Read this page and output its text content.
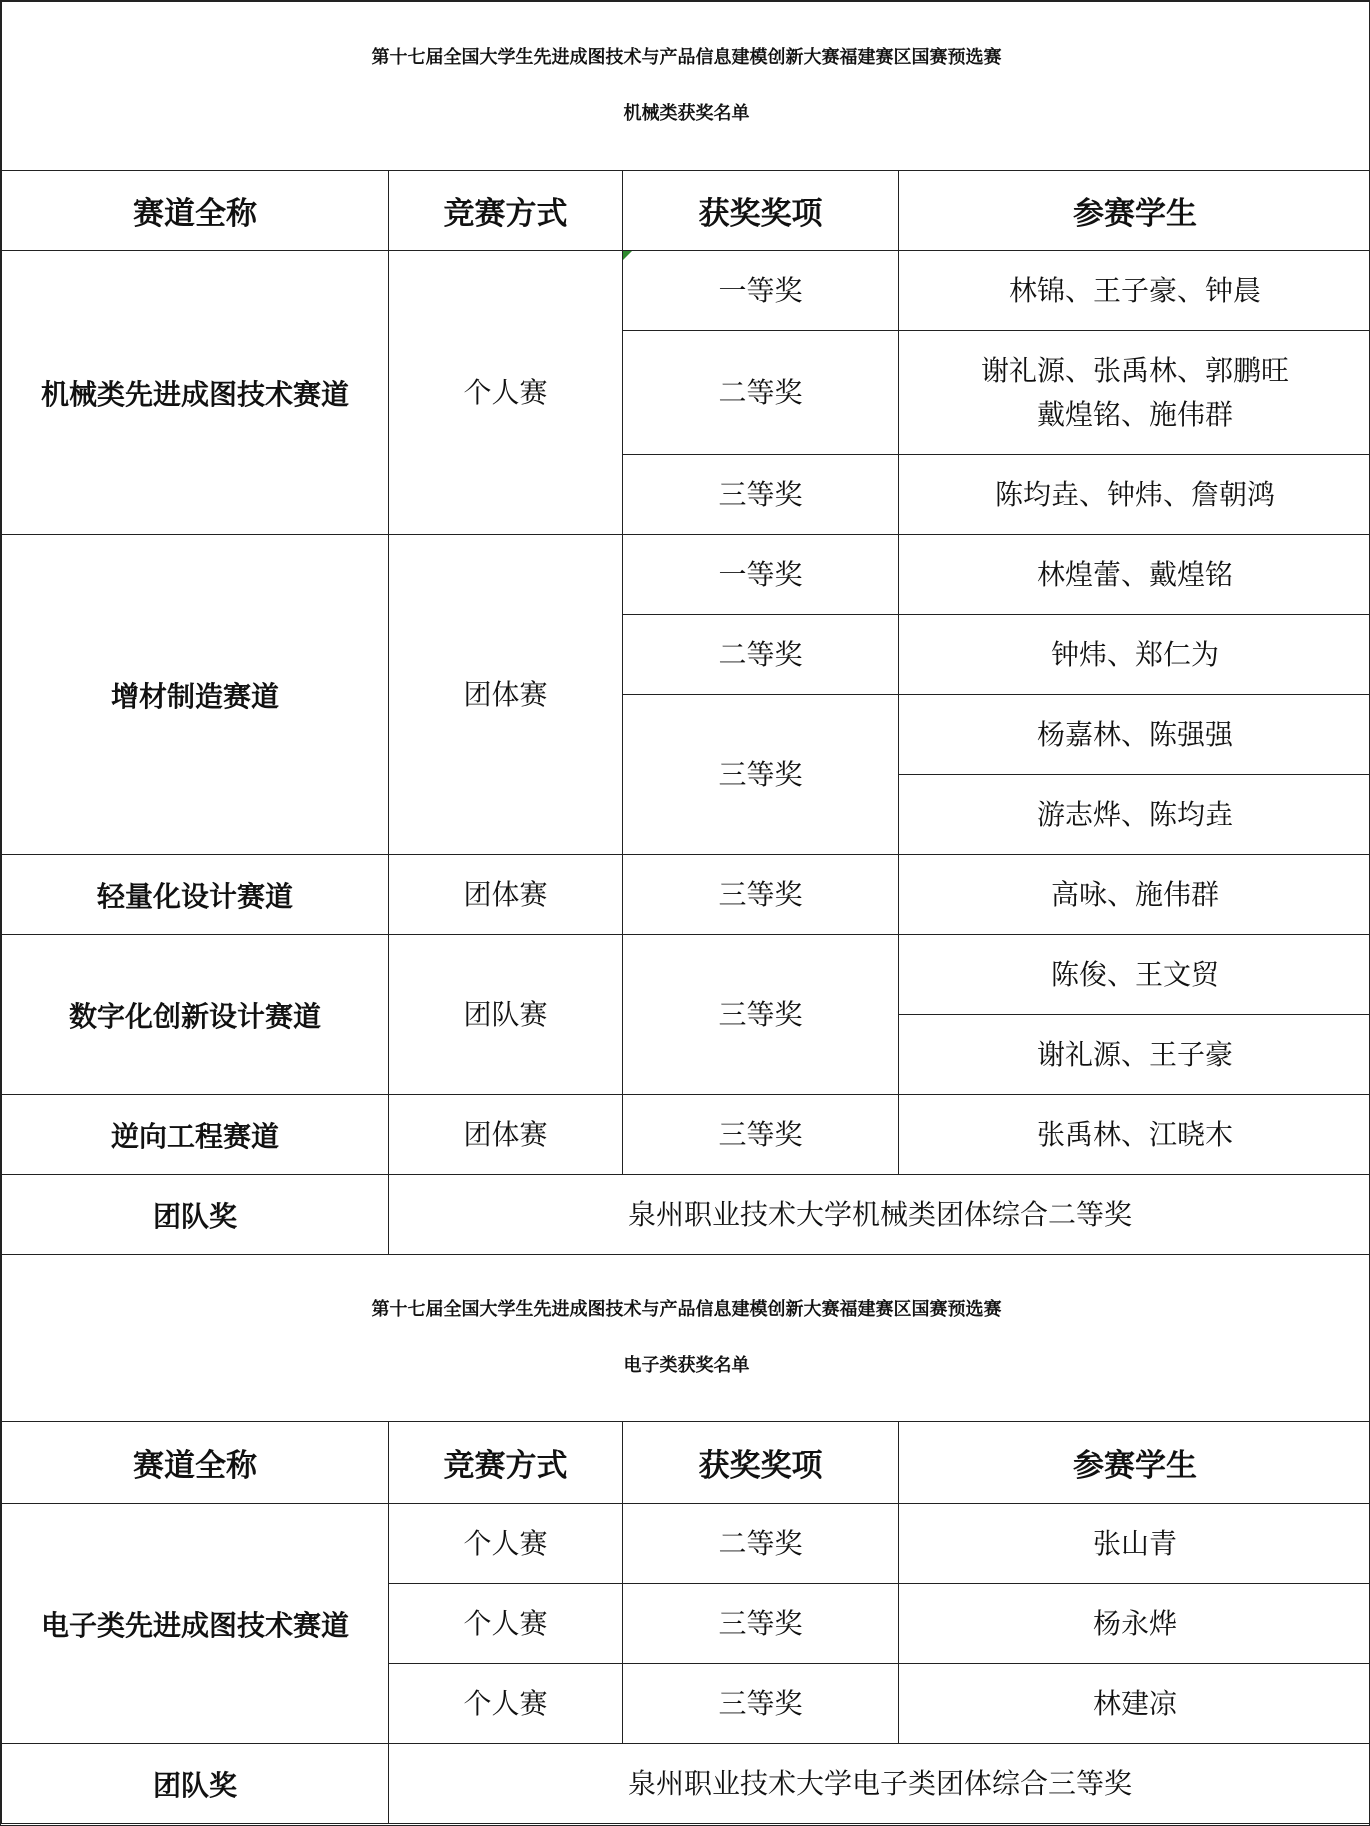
第十七届全国大学生先进成图技术与产品信息建模创新大赛福建赛区国赛预选赛
机械类获奖名单			

赛道全称	竞赛方式	获奖奖项	参赛学生
机械类先进成图技术赛道	个人赛	一等奖	林锦、王子豪、钟晨
		二等奖	谢礼源、张禹林、郭鹏旺
戴煌铭、施伟群

		三等奖	陈均垚、钟炜、詹朝鸿
增材制造赛道	团体赛	一等奖	林煌蕾、戴煌铭
		二等奖	钟炜、郑仁为
		三等奖	杨嘉林、陈强强
			游志烨、陈均垚
轻量化设计赛道	团体赛	三等奖	高咏、施伟群
数字化创新设计赛道	团队赛	三等奖	陈俊、王文贸
			谢礼源、王子豪
逆向工程赛道	团体赛	三等奖	张禹林、江晓木
团队奖	泉州职业技术大学机械类团体综合二等奖		

第十七届全国大学生先进成图技术与产品信息建模创新大赛福建赛区国赛预选赛
电子类获奖名单			

赛道全称	竞赛方式	获奖奖项	参赛学生
电子类先进成图技术赛道	个人赛	二等奖	张山青
	个人赛	三等奖	杨永烨
	个人赛	三等奖	林建凉
团队奖	泉州职业技术大学电子类团体综合三等奖		
